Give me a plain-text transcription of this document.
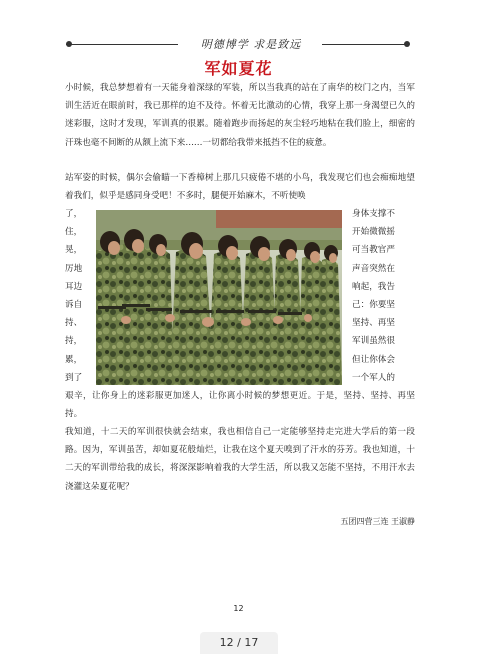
明德博学 求是致远
军如夏花

小时候，我总梦想着有一天能身着深绿的军装，所以当我真的站在了南华的校门之内，当军训生活近在眼前时，我已那样的迫不及待。怀着无比激动的心情，我穿上那一身渴望已久的迷彩服，这时才发现，军训真的很累。随着跑步而扬起的灰尘轻巧地粘在我们脸上，细密的汗珠也毫不间断的从额上流下来……一切都给我带来抵挡不住的疲惫。

站军姿的时候，偶尔会偷瞄一下香樟树上那几只疲倦不堪的小鸟，我发现它们也会痴痴地望着我们，似乎是感同身受吧！不多时，腿便开始麻木，不听使唤

了，
住，
晃，
厉地
耳边
诉自
持、
持，
累，
到了
身体支撑不
开始微微摇
可当教官严
声音突然在
响起，我告
己：你要坚
坚持、再坚
军训虽然很
但让你体会
一个军人的

艰辛，让你身上的迷彩服更加迷人，让你离小时候的梦想更近。于是，坚持、坚持、再坚持。

我知道，十二天的军训很快就会结束，我也相信自己一定能够坚持走完进大学后的第一段路。因为，军训虽苦，却如夏花般灿烂，让我在这个夏天嗅到了汗水的芬芳。我也知道，十二天的军训带给我的成长，将深深影响着我的大学生活，所以我又怎能不坚持，不用汗水去浇灌这朵夏花呢？

五团四营三连 王淑静
12
12 / 17
